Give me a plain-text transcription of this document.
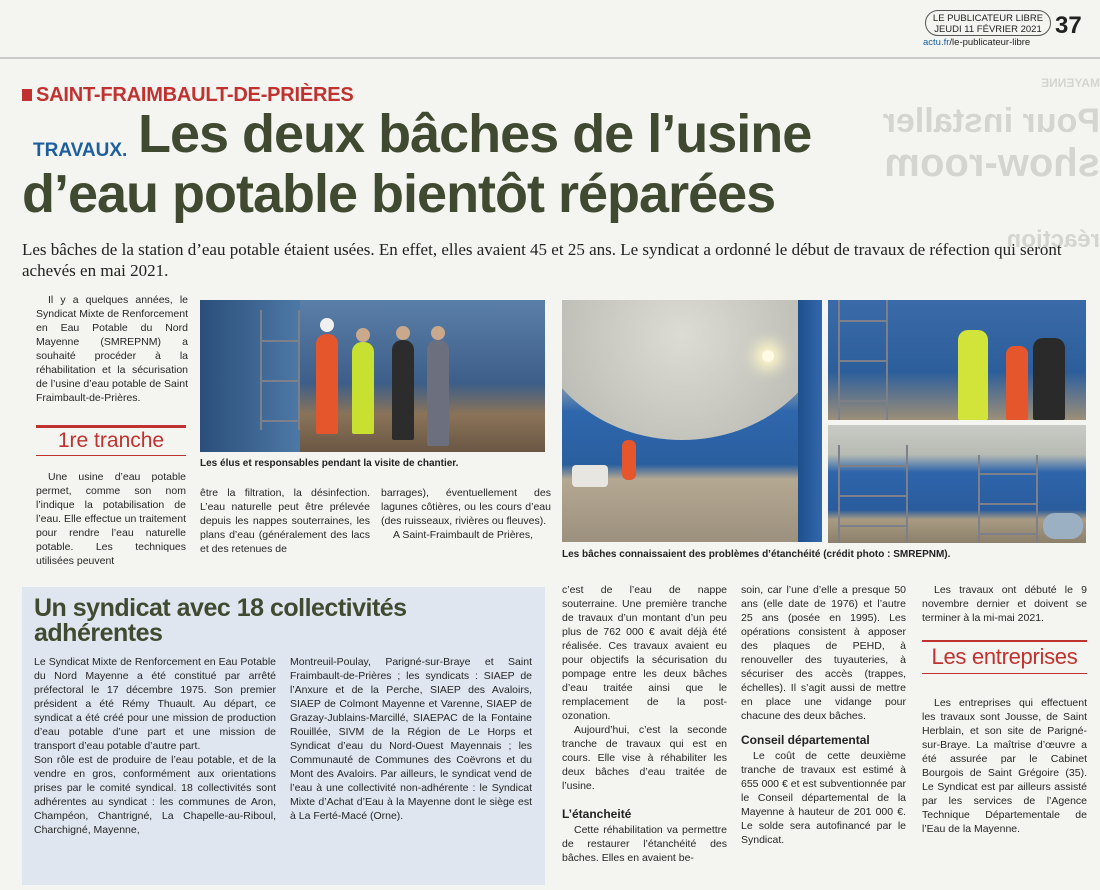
LE PUBLICATEUR LIBRE
JEUDI 11 FÉVRIER 2021
actu.fr/le-publicateur-libre
37
MAYENNE
Pour installer
show-room
réaction
SAINT-FRAIMBAULT-DE-PRIÈRES
TRAVAUX. Les deux bâches de l’usine
d’eau potable bientôt réparées
Les bâches de la station d’eau potable étaient usées. En effet, elles avaient 45 et 25 ans. Le syndicat a ordonné le début de travaux de réfection qui seront achevés en mai 2021.

Il y a quelques années, le Syndicat Mixte de Renforcement en Eau Potable du Nord Mayenne (SMREPNM) a souhaité procéder à la réhabilitation et la sécurisation de l’usine d’eau potable de Saint Fraimbault-de-Prières.

1re tranche

Une usine d’eau potable permet, comme son nom l’indique la potabilisation de l’eau. Elle effectue un traitement pour rendre l’eau naturelle potable. Les techniques utilisées peuvent

être la filtration, la désinfection. L’eau naturelle peut être prélevée depuis les nappes souterraines, les plans d’eau (généralement des lacs et des retenues de

barrages), éventuellement des lagunes côtières, ou les cours d’eau (des ruisseaux, rivières ou fleuves).

A Saint-Fraimbault de Prières,

Les élus et responsables pendant la visite de chantier.
Les bâches connaissaient des problèmes d’étanchéité (crédit photo : SMREPNM).
Un syndicat avec 18 collectivités adhérentes

Le Syndicat Mixte de Renforcement en Eau Potable du Nord Mayenne a été constitué par arrêté préfectoral le 17 décembre 1975. Son premier président a été Rémy Thuault. Au départ, ce syndicat a été créé pour une mission de production d’eau potable d’une part et une mission de transport d’eau potable d’autre part.

Son rôle est de produire de l’eau potable, et de la vendre en gros, conformément aux orientations prises par le comité syndical. 18 collectivités sont adhérentes au syndicat : les communes de Aron, Champéon, Chantrigné, La Chapelle-au-Riboul, Charchigné, Mayenne,

Montreuil-Poulay, Parigné-sur-Braye et Saint Fraimbault-de-Prières ; les syndicats : SIAEP de l’Anxure et de la Perche, SIAEP des Avaloirs, SIAEP de Colmont Mayenne et Varenne, SIAEP de Grazay-Jublains-Marcillé, SIAEPAC de la Fontaine Rouillée, SIVM de la Région de Le Horps et Syndicat d’eau du Nord-Ouest Mayennais ; les Communauté de Communes des Coëvrons et du Mont des Avaloirs. Par ailleurs, le syndicat vend de l’eau à une collectivité non-adhérente : le Syndicat Mixte d’Achat d’Eau à la Mayenne dont le siège est à La Ferté-Macé (Orne).

c’est de l’eau de nappe souterraine. Une première tranche de travaux d’un montant d’un peu plus de 762 000 € avait déjà été réalisée. Ces travaux avaient eu pour objectifs la sécurisation du pompage entre les deux bâches d’eau traitée ainsi que le remplacement de la post-ozonation.

Aujourd’hui, c’est la seconde tranche de travaux qui est en cours. Elle vise à réhabiliter les deux bâches d’eau traitée de l’usine.

L’étancheité

Cette réhabilitation va permettre de restaurer l’étanchéité des bâches. Elles en avaient be-

soin, car l’une d’elle a presque 50 ans (elle date de 1976) et l’autre 25 ans (posée en 1995). Les opérations consistent à apposer des plaques de PEHD, à renouveller des tuyauteries, à sécuriser des accès (trappes, échelles). Il s’agit aussi de mettre en place une vidange pour chacune des deux bâches.

Conseil départemental

Le coût de cette deuxième tranche de travaux est estimé à 655 000 € et est subventionnée par le Conseil départemental de la Mayenne à hauteur de 201 000 €. Le solde sera autofinancé par le Syndicat.

Les travaux ont débuté le 9 novembre dernier et doivent se terminer à la mi-mai 2021.

Les entreprises

Les entreprises qui effectuent les travaux sont Jousse, de Saint Herblain, et son site de Parigné-sur-Braye. La maîtrise d’œuvre a été assurée par le Cabinet Bourgois de Saint Grégoire (35). Le Syndicat est par ailleurs assisté par les services de l’Agence Technique Départementale de l’Eau de la Mayenne.
